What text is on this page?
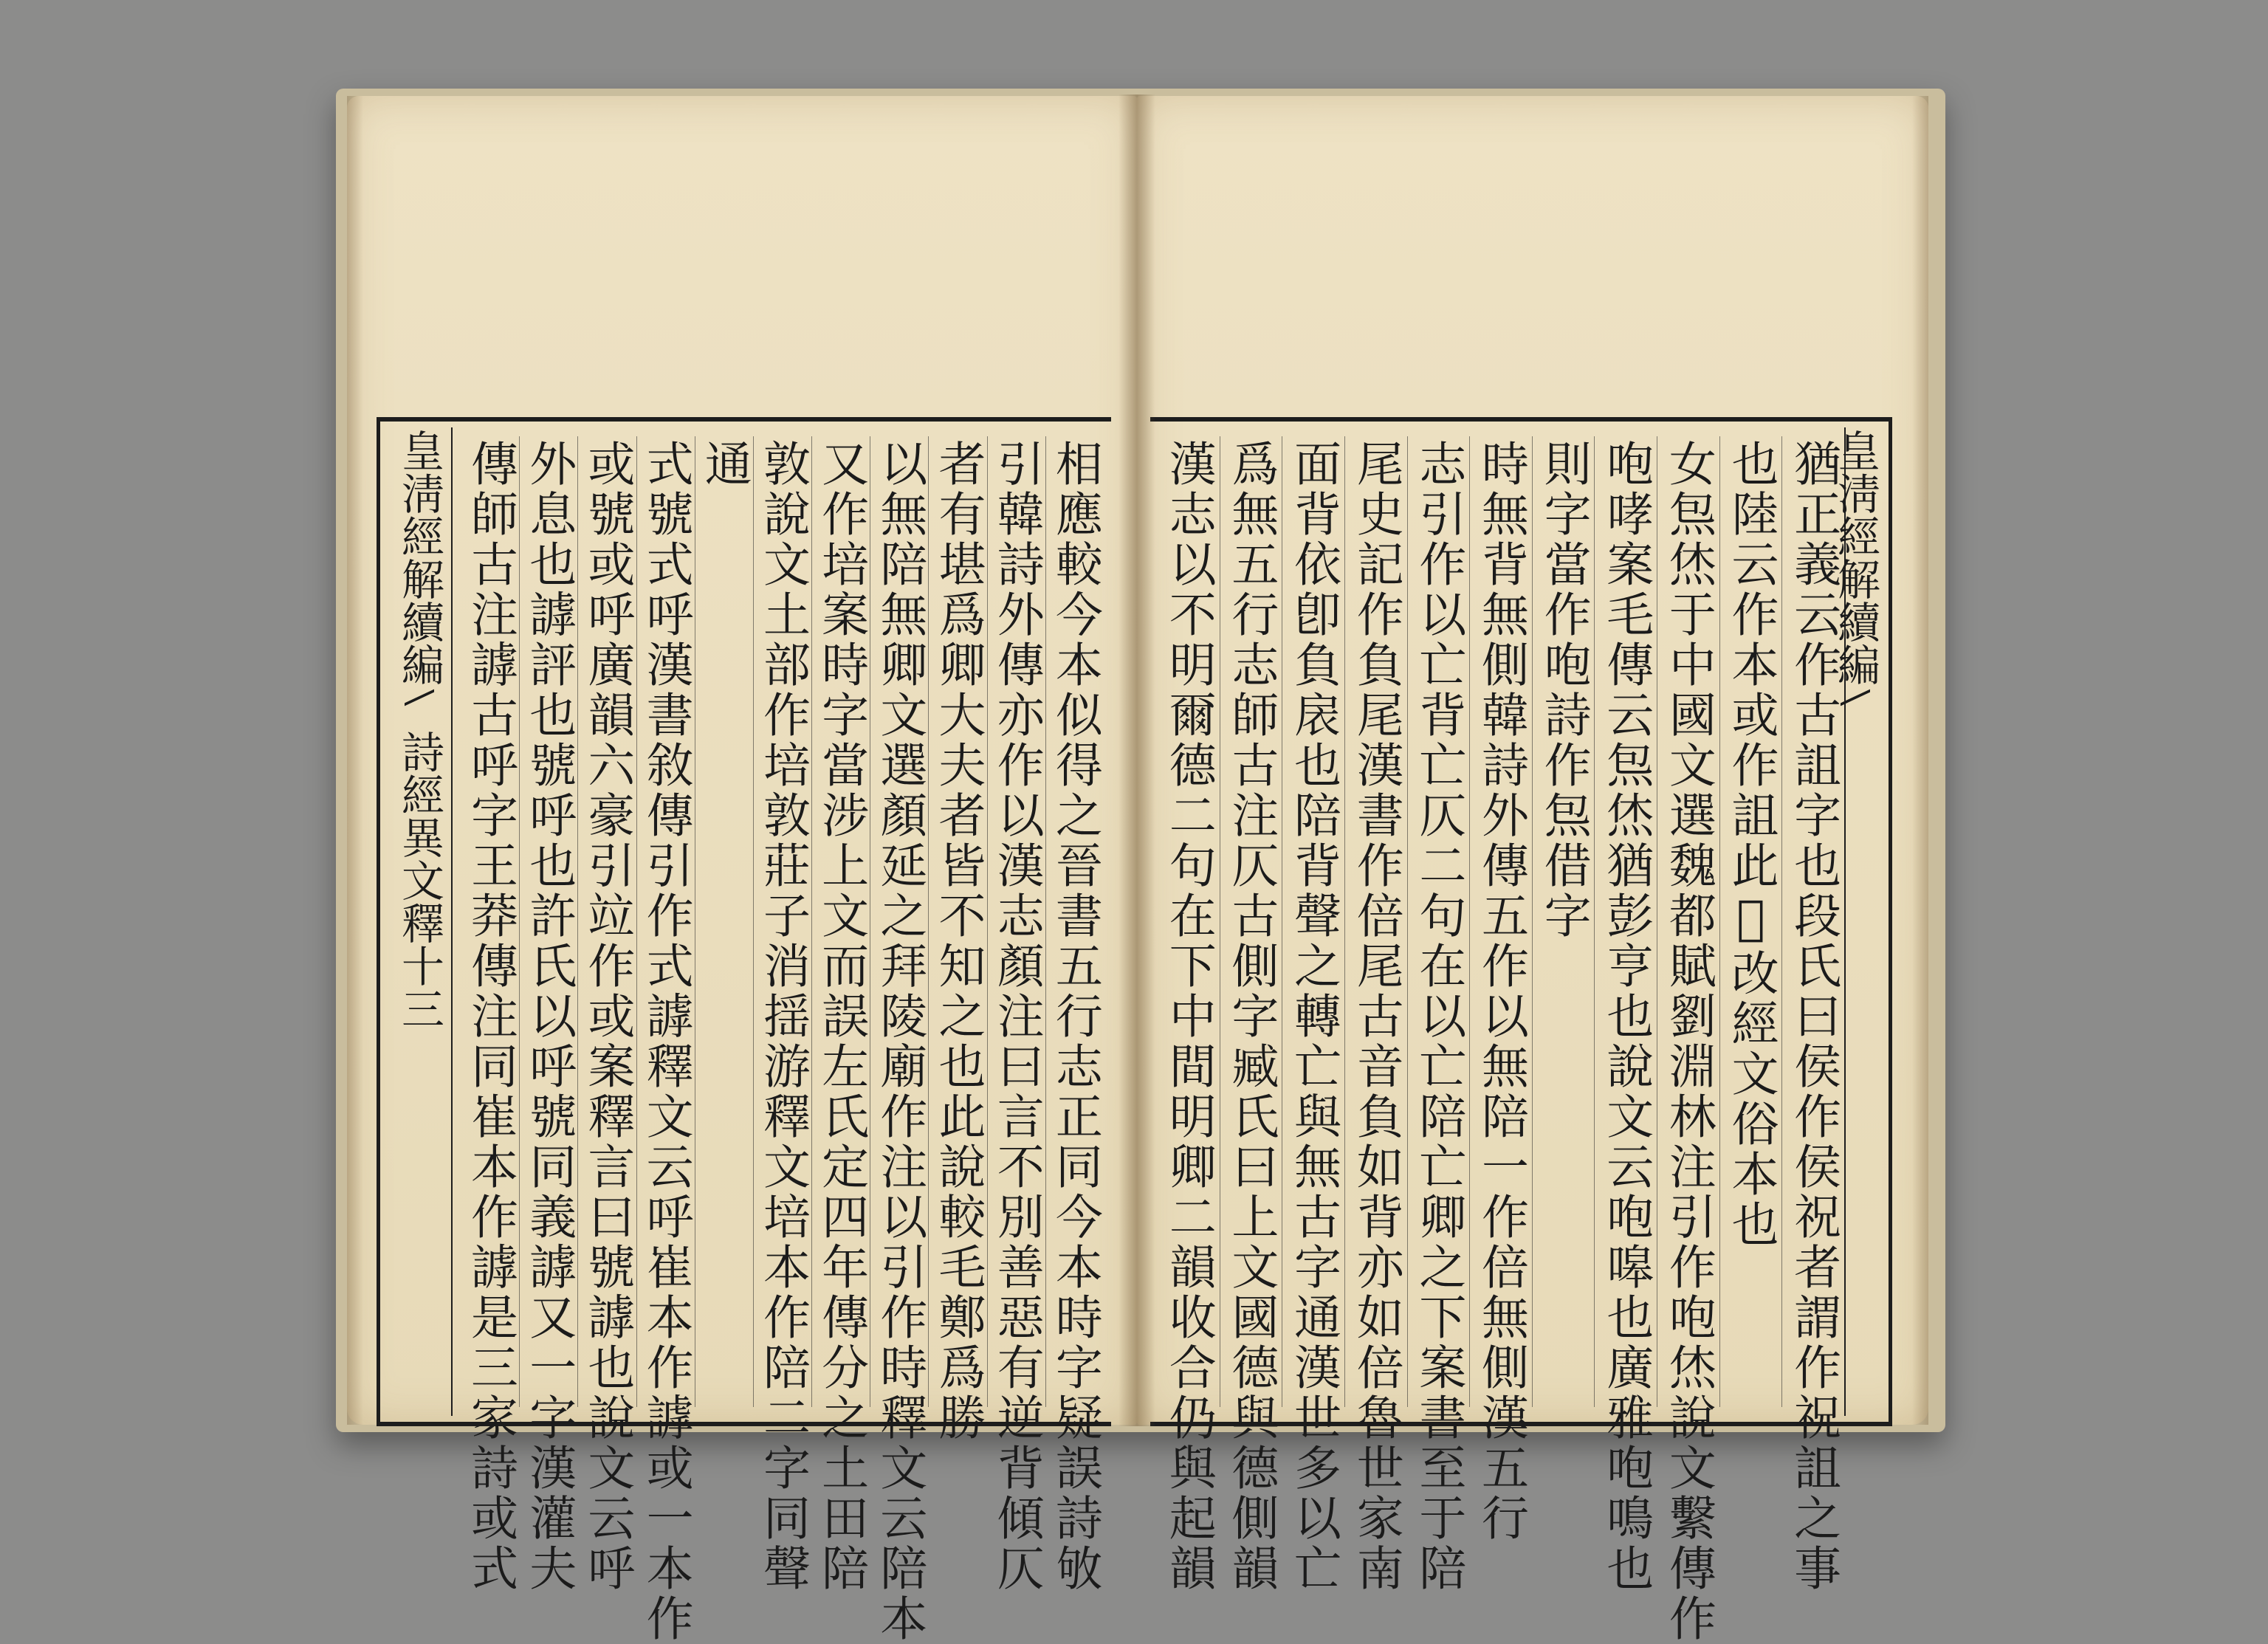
皇淸經解續編
詩經異文釋十三	相應較今本似得之晉書五行志正同今本時字疑誤詩敂
引韓詩外傳亦作以漢志顏注曰言不別善惡有逆背傾仄
者有堪爲卿大夫者皆不知之也此說較毛鄭爲勝
以無陪無卿文選顏延之拜陵廟作注以引作時釋文云陪本
又作培案時字當涉上文而誤左氏定四年傳分之土田陪
敦說文土部作培敦莊子消揺游釋文培本作陪二字同聲
通
式號式呼漢書敘傳引作式謼釋文云呼崔本作謼或一本作
或號或呼廣韻六豪引竝作或案釋言曰號謼也說文云呼
外息也謼評也號呼也許氏以呼號同義謼又一字漢灌夫
傳師古注謼古呼字王莽傳注同崔本作謼是三家詩或式	皇淸經解續編
猶正義云作古詛字也段氏曰侯作侯祝者謂作祝詛之事
也陸云作本或作詛此𤼵改經文俗本也
女炰烋于中國文選魏都賦劉淵林注引作咆烋說文繫傳作
咆哮案毛傳云炰烋猶彭亨也說文云咆嗥也廣雅咆鳴也
則字當作咆詩作炰借字
時無背無側韓詩外傳五作以無陪一作倍無側漢五行
志引作以亡背亡仄二句在以亡陪亡卿之下案書至于陪
尾史記作負尾漢書作倍尾古音負如背亦如倍魯世家南
面背依卽負扆也陪背聲之轉亡與無古字通漢世多以亡
爲無五行志師古注仄古側字臧氏曰上文國德與德側韻
漢志以不明爾德二句在下中間明卿二韻收合仍與起韻
